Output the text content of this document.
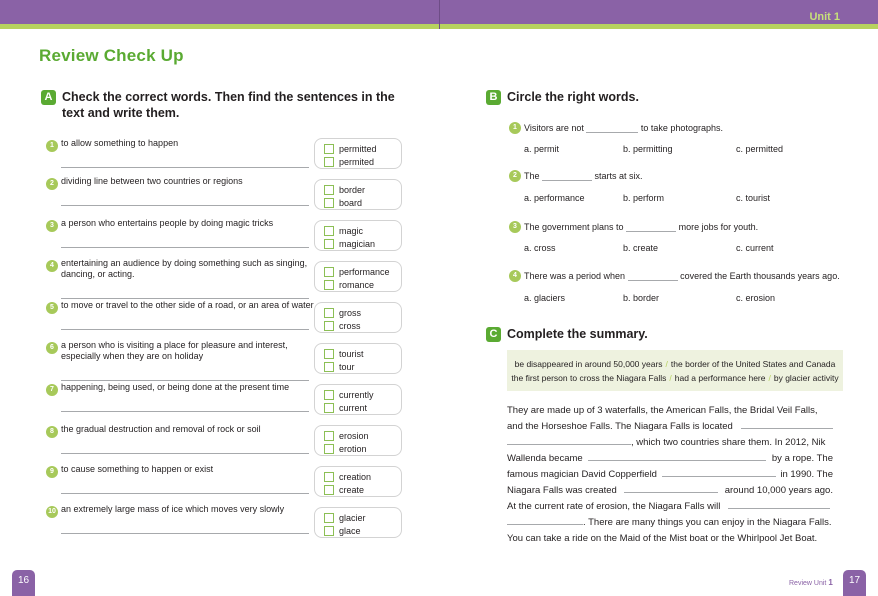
Unit 1
Review Check Up
A Check the correct words. Then find the sentences in the
text and write them.
1 to allow something to happen
permitted
permited
2 dividing line between two countries or regions
border
board
3 a person who entertains people by doing magic tricks
magic
magician
4 entertaining an audience by doing something such as singing,
dancing, or acting.	performance
romance
5 to move or travel to the other side of a road, or an area of water
gross
cross
6 a person who is visiting a place for pleasure and interest,
especially when they are on holiday	tourist
tour
7 happening, being used, or being done at the present time
currently
current
8 the gradual destruction and removal of rock or soil
erosion
erotion
9 to cause something to happen or exist
creation
create
10 an extremely large mass of ice which moves very slowly
glacier
glace
B Circle the right words.
1 Visitors are not	to take photographs.
a. permit	b. permitting	c. permitted
2 The	starts at six.
a. performance	b. perform	c. tourist
3 The government plans to	more jobs for youth.
a. cross	b. create	c. current
4 There was a period when	covered the Earth thousands years ago.
a. glaciers	b. border	c. erosion
C Complete the summary.
be disappeared in around 50,000 years / the border of the United States and Canada
the first person to cross the Niagara Falls / had a performance here / by glacier activity
They are made up of 3 waterfalls, the American Falls, the Bridal Veil Falls,
and the Horseshoe Falls. The Niagara Falls is located
, which two countries share them. In 2012, Nik
Wallenda became	by a rope. The
famous magician David Copperfield	in 1990. The
Niagara Falls was created	around 10,000 years ago.
At the current rate of erosion, the Niagara Falls will
. There are many things you can enjoy in the Niagara Falls.
You can take a ride on the Maid of the Mist boat or the Whirlpool Jet Boat.
16	Review Unit 1	17
